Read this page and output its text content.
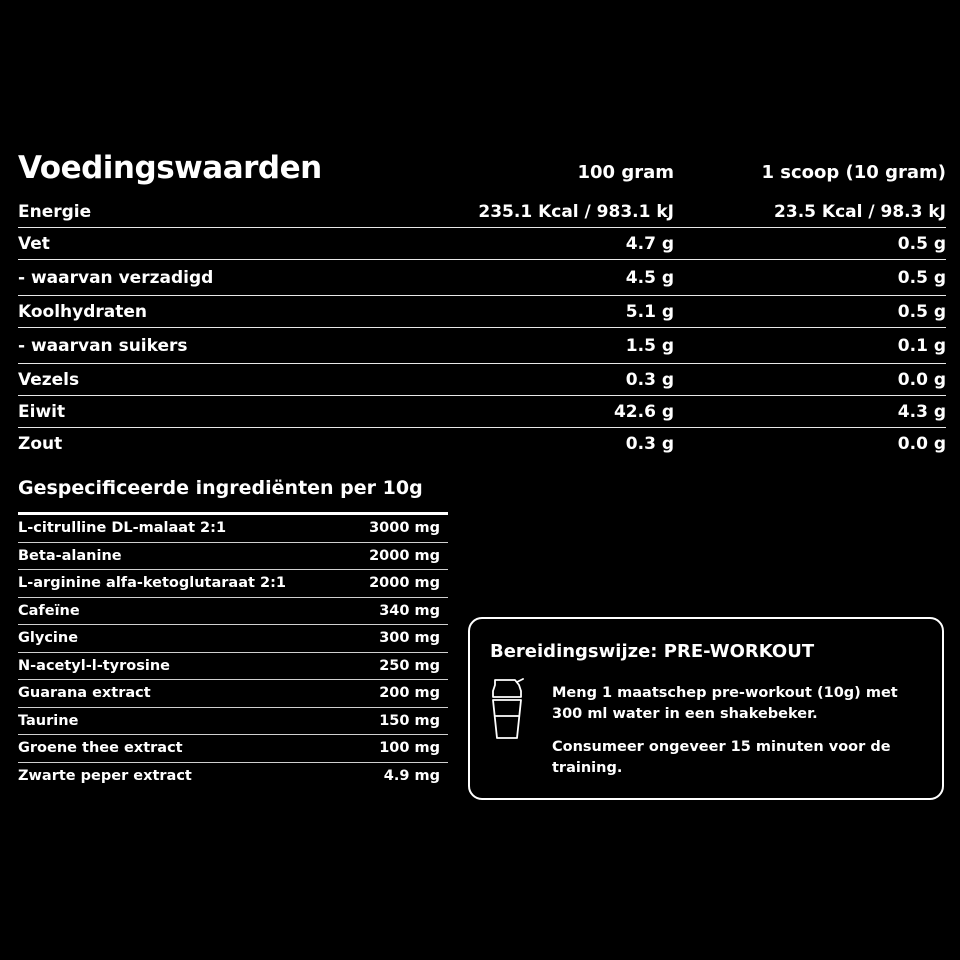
Voedingswaarden	100 gram	1 scoop (10 gram)
Energie	235.1 Kcal / 983.1 kJ	23.5 Kcal / 98.3 kJ
Vet	4.7 g	0.5 g
- waarvan verzadigd	4.5 g	0.5 g
Koolhydraten	5.1 g	0.5 g
- waarvan suikers	1.5 g	0.1 g
Vezels	0.3 g	0.0 g
Eiwit	42.6 g	4.3 g
Zout	0.3 g	0.0 g
Gespecificeerde ingrediënten per 10g
L-citrulline DL-malaat 2:1	3000 mg
Beta-alanine	2000 mg
L-arginine alfa-ketoglutaraat 2:1	2000 mg
Cafeïne	340 mg
Glycine	300 mg
N-acetyl-l-tyrosine	250 mg
Guarana extract	200 mg
Taurine	150 mg
Groene thee extract	100 mg
Zwarte peper extract	4.9 mg
Bereidingswijze: PRE-WORKOUT

Meng 1 maatschep pre-workout (10g) met 300 ml water in een shakebeker.

Consumeer ongeveer 15 minuten voor de training.
